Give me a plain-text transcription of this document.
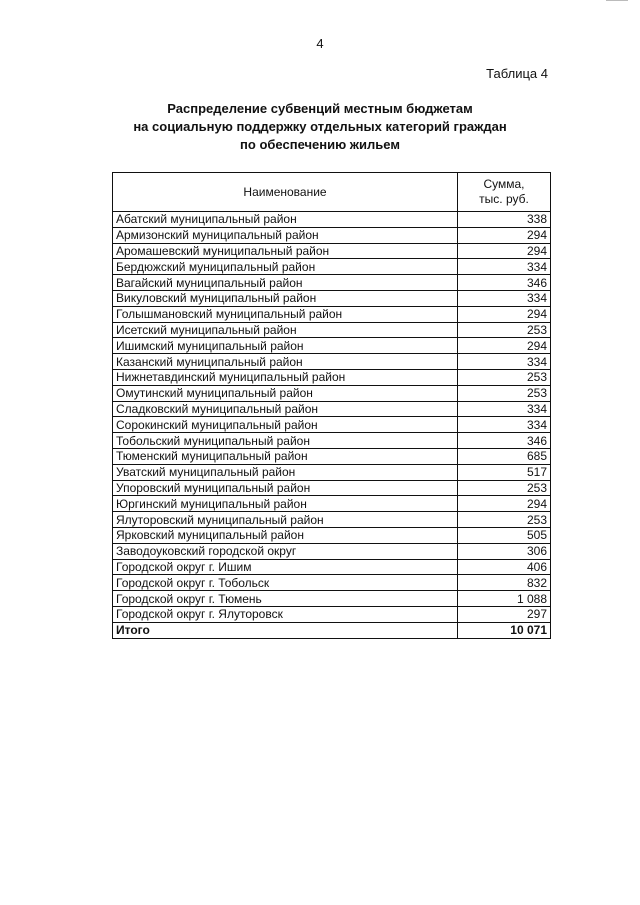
4
Таблица 4
Распределение субвенций местным бюджетам
на социальную поддержку отдельных категорий граждан
по обеспечению жильем
Наименование	Сумма,
тыс. руб.

Абатский муниципальный район	338
Армизонский муниципальный район	294
Аромашевский муниципальный район	294
Бердюжский муниципальный район	334
Вагайский муниципальный район	346
Викуловский муниципальный район	334
Голышмановский муниципальный район	294
Исетский муниципальный район	253
Ишимский муниципальный район	294
Казанский муниципальный район	334
Нижнетавдинский муниципальный район	253
Омутинский муниципальный район	253
Сладковский муниципальный район	334
Сорокинский муниципальный район	334
Тобольский муниципальный район	346
Тюменский муниципальный район	685
Уватский муниципальный район	517
Упоровский муниципальный район	253
Юргинский муниципальный район	294
Ялуторовский муниципальный район	253
Ярковский муниципальный район	505
Заводоуковский городской округ	306
Городской округ г. Ишим	406
Городской округ г. Тобольск	832
Городской округ г. Тюмень	1 088
Городской округ г. Ялуторовск	297
Итого	10 071
